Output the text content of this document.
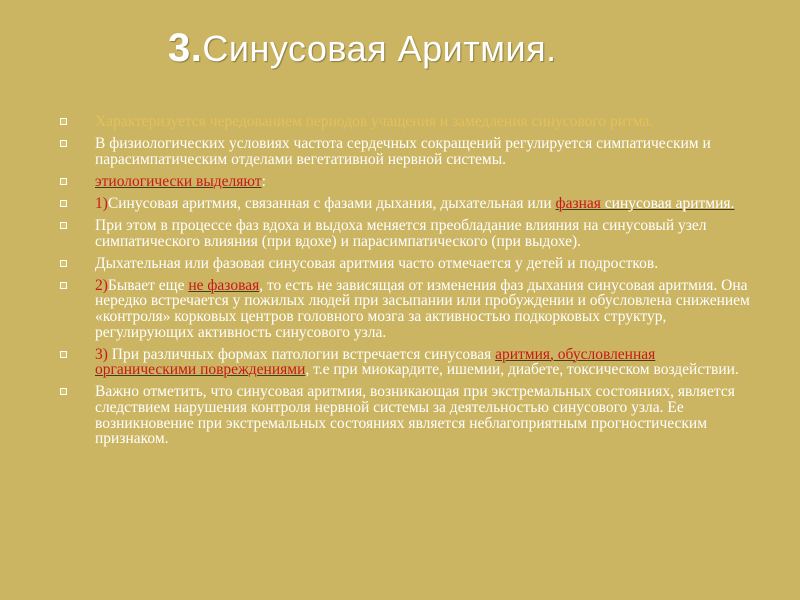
3.Синусовая Аритмия.
Характеризуется чередованием периодов учащения и замедления синусового ритма.
В физиологических условиях частота сердечных сокращений регулируется симпатическим и парасимпатическим отделами вегетативной нервной системы.
этиологически выделяют:
1)Синусовая аритмия, связанная с фазами дыхания, дыхательная или фазная синусовая аритмия.
При этом в процессе фаз вдоха и выдоха меняется преобладание влияния на синусовый узел симпатического влияния (при вдохе) и парасимпатического (при выдохе).
Дыхательная или фазовая синусовая аритмия часто отмечается у детей и подростков.
2)Бывает еще не фазовая, то есть не зависящая от изменения фаз дыхания синусовая аритмия. Она нередко встречается у пожилых людей при засыпании или пробуждении и обусловлена снижением «контроля» корковых центров головного мозга за активностью подкорковых структур, регулирующих активность синусового узла.
3) При различных формах патологии встречается синусовая аритмия, обусловленная органическими повреждениями, т.е при миокардите, ишемии, диабете, токсическом воздействии.
Важно отметить, что синусовая аритмия, возникающая при экстремальных состояниях, является следствием нарушения контроля нервной системы за деятельностью синусового узла. Ее возникновение при экстремальных состояниях является неблагоприятным прогностическим признаком.
